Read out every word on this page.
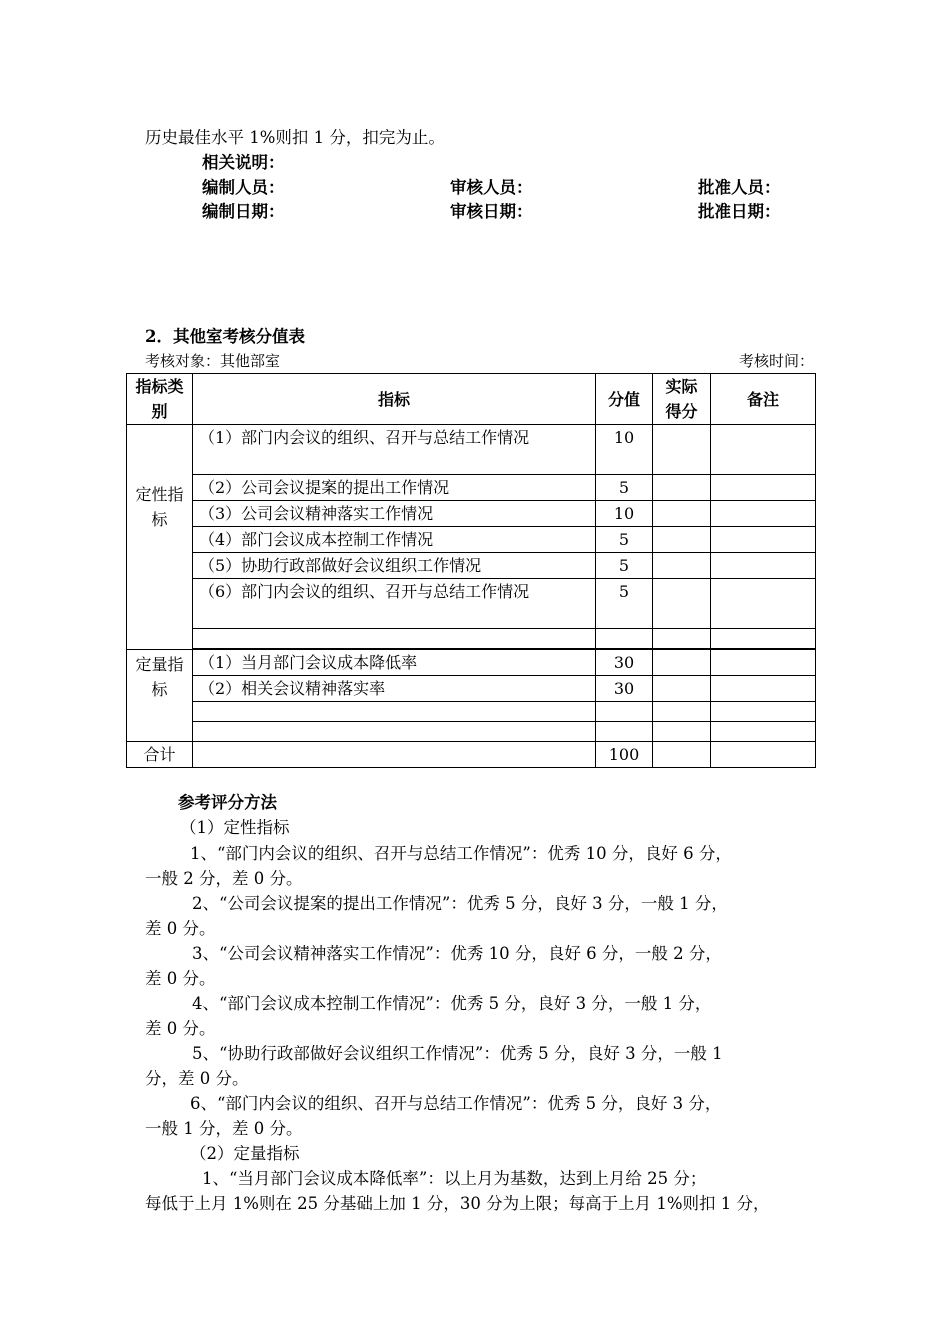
历史最佳水平 1%则扣 1 分，扣完为止。
相关说明：
编制人员：	审核人员：	批准人员：
编制日期：	审核日期：	批准日期：
2．其他室考核分值表
考核对象：其他部室	考核时间：
指标类别	指标	分值	实际得分	备注
定性指标	（1）部门内会议的组织、召开与总结工作情况	10		
	（2）公司会议提案的提出工作情况	5		
	（3）公司会议精神落实工作情况	10		
	（4）部门会议成本控制工作情况	5		
	（5）协助行政部做好会议组织工作情况	5		
	（6）部门内会议的组织、召开与总结工作情况	5		

定量指标	（1）当月部门会议成本降低率	30		
	（2）相关会议精神落实率	30		

合计		100		
参考评分方法
（1）定性指标
1、“部门内会议的组织、召开与总结工作情况”：优秀 10 分，良好 6 分，
一般 2 分，差 0 分。
2、“公司会议提案的提出工作情况”：优秀 5 分，良好 3 分，一般 1 分，
差 0 分。
3、“公司会议精神落实工作情况”：优秀 10 分，良好 6 分，一般 2 分，
差 0 分。
4、“部门会议成本控制工作情况”：优秀 5 分，良好 3 分，一般 1 分，
差 0 分。
5、“协助行政部做好会议组织工作情况”：优秀 5 分，良好 3 分，一般 1
分，差 0 分。
6、“部门内会议的组织、召开与总结工作情况”：优秀 5 分，良好 3 分，
一般 1 分，差 0 分。
（2）定量指标
1、“当月部门会议成本降低率”：以上月为基数，达到上月给 25 分；
每低于上月 1%则在 25 分基础上加 1 分，30 分为上限；每高于上月 1%则扣 1 分，
